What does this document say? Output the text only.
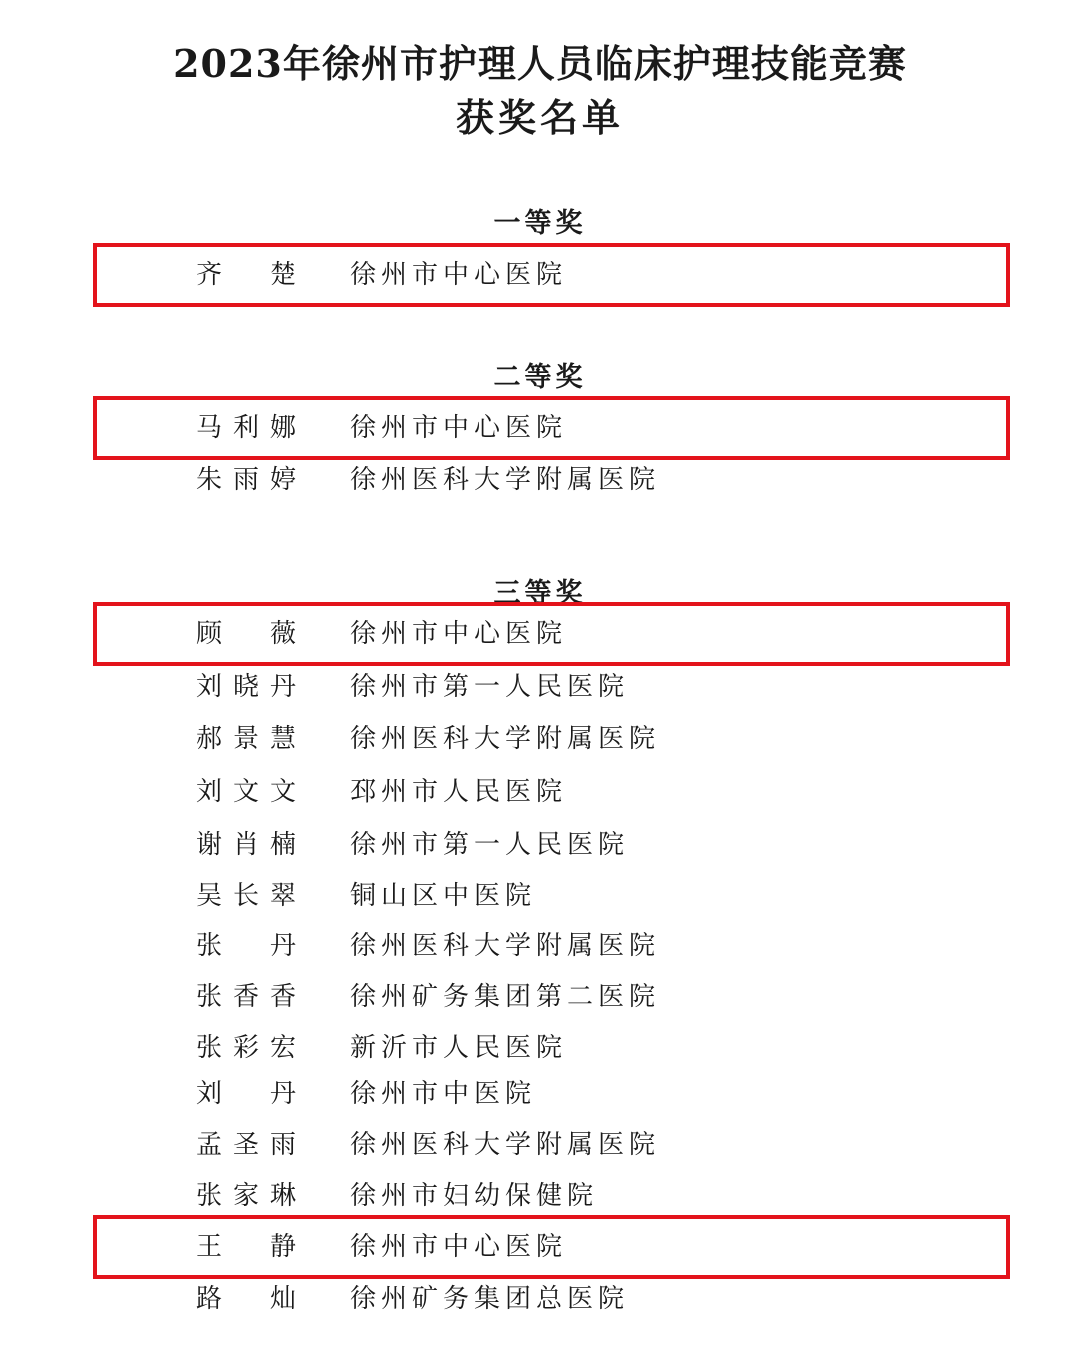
2023年徐州市护理人员临床护理技能竞赛
获奖名单
一等奖
齐 楚 徐州市中心医院
二等奖
马 利 娜 徐州市中心医院
朱 雨 婷 徐州医科大学附属医院
三等奖
顾 薇 徐州市中心医院
刘 晓 丹 徐州市第一人民医院
郝 景 慧 徐州医科大学附属医院
刘 文 文 邳州市人民医院
谢 肖 楠 徐州市第一人民医院
吴 长 翠 铜山区中医院
张 丹 徐州医科大学附属医院
张 香 香 徐州矿务集团第二医院
张 彩 宏 新沂市人民医院
刘 丹 徐州市中医院
孟 圣 雨 徐州医科大学附属医院
张 家 琳 徐州市妇幼保健院
王 静 徐州市中心医院
路 灿 徐州矿务集团总医院
